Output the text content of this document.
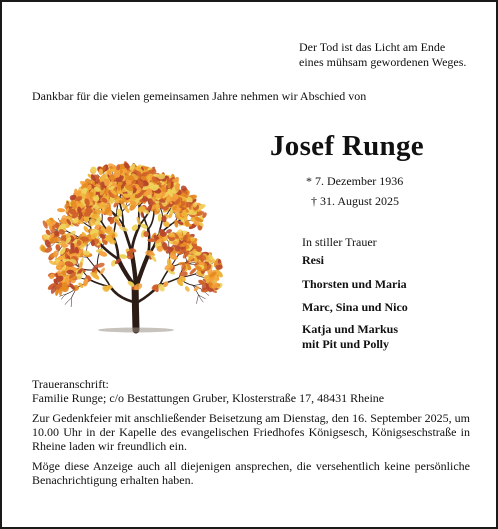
Der Tod ist das Licht am Ende
eines mühsam gewordenen Weges.
Dankbar für die vielen gemeinsamen Jahre nehmen wir Abschied von
Josef Runge
* 7. Dezember 1936
† 31. August 2025
In stiller Trauer
Resi
Thorsten und Maria
Marc, Sina und Nico
Katja und Markus
mit Pit und Polly

Traueranschrift:
Familie Runge; c/o Bestattungen Gruber, Klosterstraße 17, 48431 Rheine

Zur Gedenkfeier mit anschließender Beisetzung am Dienstag, den 16. September 2025, um 10.00 Uhr in der Kapelle des evangelischen Friedhofes Königsesch, Königseschstraße in Rheine laden wir freundlich ein.

Möge diese Anzeige auch all diejenigen ansprechen, die versehentlich keine persönliche Benachrichtigung erhalten haben.
